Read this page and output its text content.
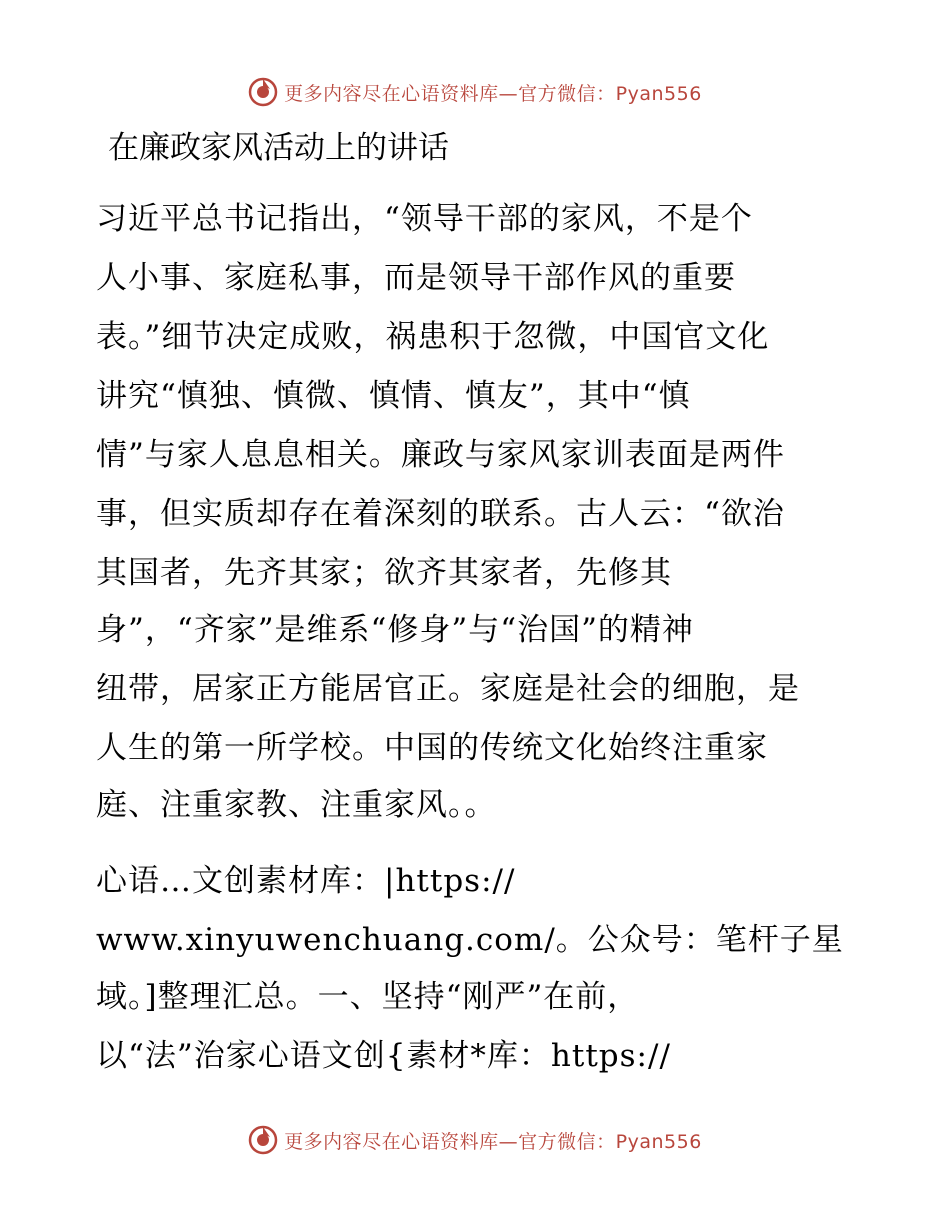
更多内容尽在心语资料库—官方微信：Pyan556
在廉政家风活动上的讲话
习近平总书记指出，“领导干部的家风，不是个
人小事、家庭私事，而是领导干部作风的重要
表。”细节决定成败，祸患积于忽微，中国官文化
讲究“慎独、慎微、慎情、慎友”，其中“慎
情”与家人息息相关。廉政与家风家训表面是两件
事，但实质却存在着深刻的联系。古人云：“欲治
其国者，先齐其家；欲齐其家者，先修其
身”，“齐家”是维系“修身”与“治国”的精神
纽带，居家正方能居官正。家庭是社会的细胞，是
人生的第一所学校。中国的传统文化始终注重家
庭、注重家教、注重家风。。
心语…文创素材库：|https://
www.xinyuwenchuang.com/。公众号：笔杆子星
域。]整理汇总。一、坚持“刚严”在前，
以“法”治家心语文创{素材*库：https://
更多内容尽在心语资料库—官方微信：Pyan556
